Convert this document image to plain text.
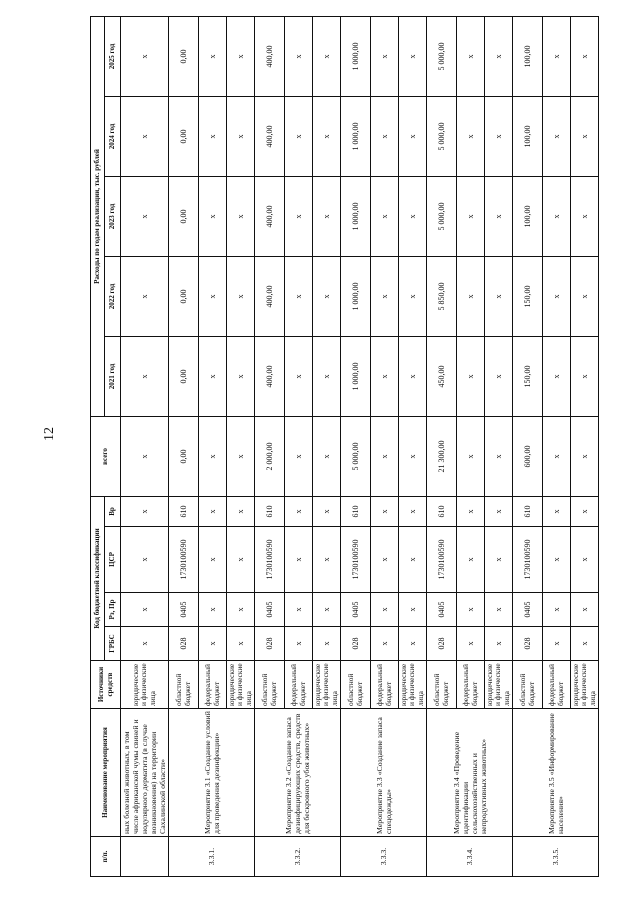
12
п/п.	Наименование мероприятия	Источники средств	Код бюджетной классификации				всего	Расходы по годам реализации, тыс. рублей				
			ГРБС	Рз, Пр	ЦСР	Вр		2021 год	2022 год	2023 год	2024 год	2025 год
	ных болезней животных, в том числе африканской чумы свиней и нодулярного дерматита (в случае возникновения) на территории Сахалинской области»	юридические и физические лица	х	х	х	х	х	х	х	х	х	х
3.3.1.	Мероприятие 3.1 «Создание условий для проведения дезинфекции»	областной бюджет	028	0405	1730100590	610	0,00	0,00	0,00	0,00	0,00	0,00
		федеральный бюджет	х	х	х	х	х	х	х	х	х	х
		юридические и физические лица	х	х	х	х	х	х	х	х	х	х
3.3.2.	Мероприятие 3.2 «Создание запаса дезинфицирующих средств, средств для бескровного убоя животных»	областной бюджет	028	0405	1730100590	610	2 000,00	400,00	400,00	400,00	400,00	400,00
		федеральный бюджет	х	х	х	х	х	х	х	х	х	х
		юридические и физические лица	х	х	х	х	х	х	х	х	х	х
3.3.3.	Мероприятие 3.3 «Создание запаса спецодежды»	областной бюджет	028	0405	1730100590	610	5 000,00	1 000,00	1 000,00	1 000,00	1 000,00	1 000,00
		федеральный бюджет	х	х	х	х	х	х	х	х	х	х
		юридические и физические лица	х	х	х	х	х	х	х	х	х	х
3.3.4.	Мероприятие 3.4 «Проведение идентификации сельскохозяйственных и непродуктивных животных»	областной бюджет	028	0405	1730100590	610	21 300,00	450,00	5 850,00	5 000,00	5 000,00	5 000,00
		федеральный бюджет	х	х	х	х	х	х	х	х	х	х
		юридические и физические лица	х	х	х	х	х	х	х	х	х	х
3.3.5.	Мероприятие 3.5 «Информирование населения»	областной бюджет	028	0405	1730100590	610	600,00	150,00	150,00	100,00	100,00	100,00
		федеральный бюджет	х	х	х	х	х	х	х	х	х	х
		юридические и физические лица	х	х	х	х	х	х	х	х	х	х
